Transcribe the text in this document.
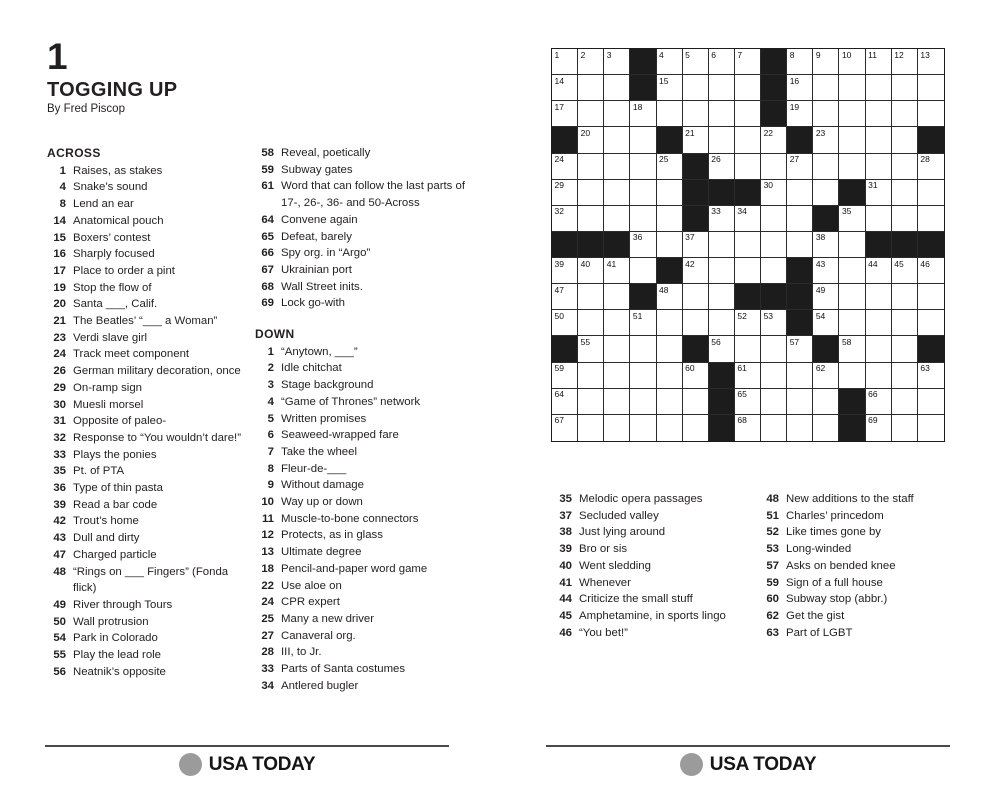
1
TOGGING UP
By Fred Piscop
ACROSS
1 Raises, as stakes
4 Snake’s sound
8 Lend an ear
14 Anatomical pouch
15 Boxers’ contest
16 Sharply focused
17 Place to order a pint
19 Stop the flow of
20 Santa ___, Calif.
21 The Beatles’ “___ a Woman”
23 Verdi slave girl
24 Track meet component
26 German military decoration, once
29 On-ramp sign
30 Muesli morsel
31 Opposite of paleo-
32 Response to “You wouldn’t dare!”
33 Plays the ponies
35 Pt. of PTA
36 Type of thin pasta
39 Read a bar code
42 Trout’s home
43 Dull and dirty
47 Charged particle
48 “Rings on ___ Fingers” (Fonda flick)
49 River through Tours
50 Wall protrusion
54 Park in Colorado
55 Play the lead role
56 Neatnik’s opposite
58 Reveal, poetically
59 Subway gates
61 Word that can follow the last parts of 17-, 26-, 36- and 50-Across
64 Convene again
65 Defeat, barely
66 Spy org. in “Argo”
67 Ukrainian port
68 Wall Street inits.
69 Lock go-with
DOWN
1 “Anytown, ___”
2 Idle chitchat
3 Stage background
4 “Game of Thrones” network
5 Written promises
6 Seaweed-wrapped fare
7 Take the wheel
8 Fleur-de-___
9 Without damage
10 Way up or down
11 Muscle-to-bone connectors
12 Protects, as in glass
13 Ultimate degree
18 Pencil-and-paper word game
22 Use aloe on
24 CPR expert
25 Many a new driver
27 Canaveral org.
28 III, to Jr.
33 Parts of Santa costumes
34 Antlered bugler
1	2	3	4	5	6	7	8	9	10 11 12 13
14	15	16
17	18	19
20	21	22	23
24	25	26	27	28
29	30	31
32	33 34	35
36	37	38
39 40 41	42	43	44 45 46
47	48	49
50	51	52 53	54
55	56	57	58
59	60	61	62	63
64	65	66
67	68	69
35 Melodic opera passages
37 Secluded valley
38 Just lying around
39 Bro or sis
40 Went sledding
41 Whenever
44 Criticize the small stuff
45 Amphetamine, in sports lingo
46 “You bet!”
48 New additions to the staff
51 Charles’ princedom
52 Like times gone by
53 Long-winded
57 Asks on bended knee
59 Sign of a full house
60 Subway stop (abbr.)
62 Get the gist
63 Part of LGBT
USA TODAY	USA TODAY
